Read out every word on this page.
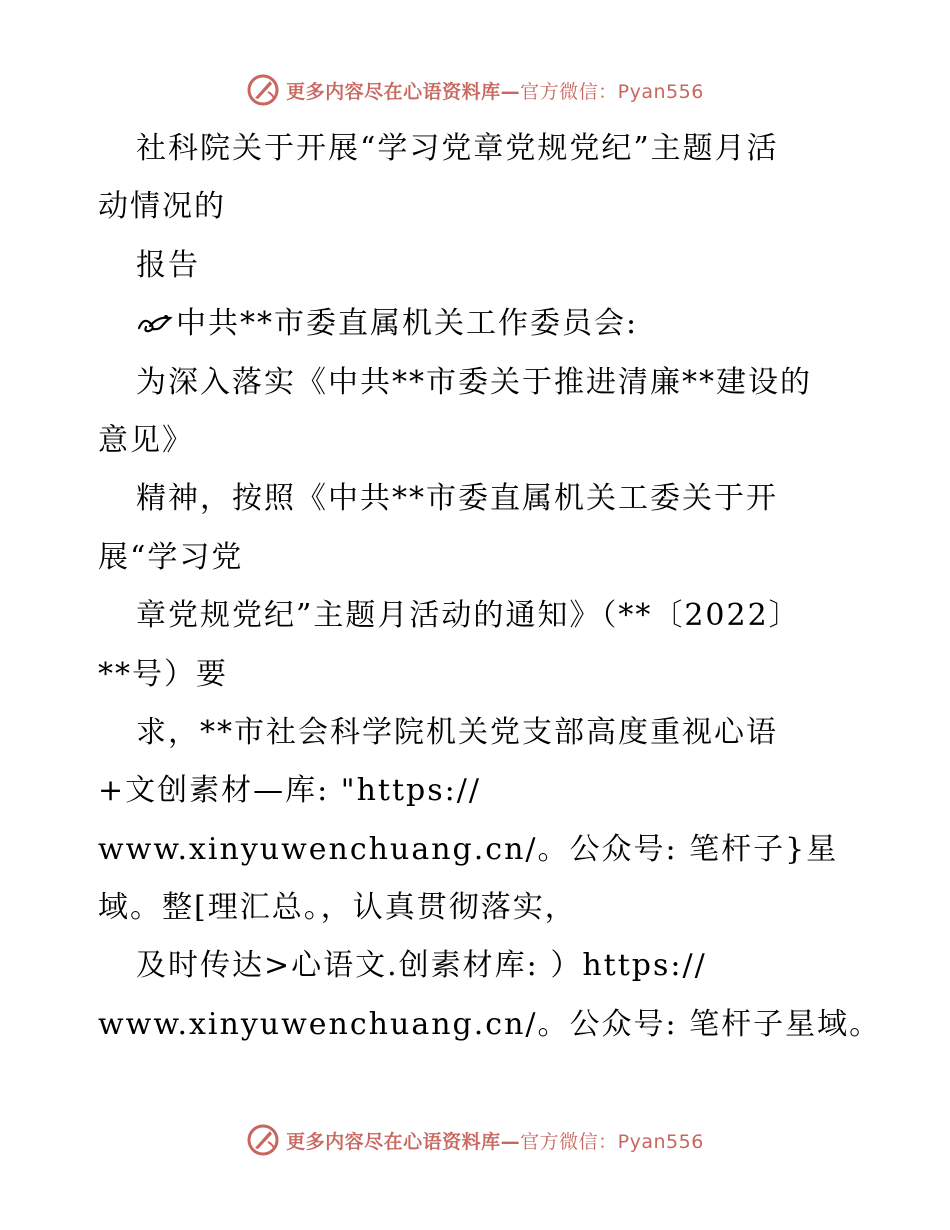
更多内容尽在心语资料库—官方微信：Pyan556
社科院关于开展“学习党章党规党纪”主题月活
动情况的
报告
中共**市委直属机关工作委员会:
为深入落实《中共**市委关于推进清廉**建设的
意见》
精神，按照《中共**市委直属机关工委关于开
展“学习党
章党规党纪”主题月活动的通知》（**〔2022〕
**号）要
求，**市社会科学院机关党支部高度重视心语
+文创素材—库: "https://
www.xinyuwenchuang.cn/。公众号: 笔杆子}星
域。整[理汇总。，认真贯彻落实，
及时传达>心语文.创素材库: ）https://
www.xinyuwenchuang.cn/。公众号: 笔杆子星域。
更多内容尽在心语资料库—官方微信：Pyan556
